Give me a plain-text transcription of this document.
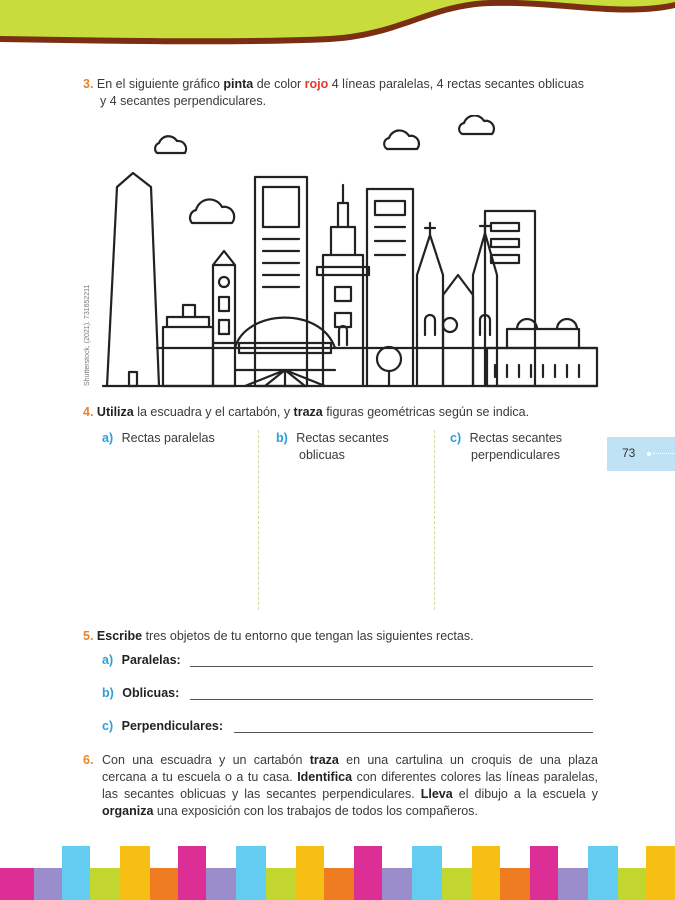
3. En el siguiente gráfico pinta de color rojo 4 líneas paralelas, 4 rectas secantes oblicuas
y 4 secantes perpendiculares.
Shutterstock, (2021). 731652211
4. Utiliza la escuadra y el cartabón, y traza figuras geométricas según se indica.
a) Rectas paralelas	b) Rectas secantes
oblicuas
c) Rectas secantes
perpendiculares	73
5. Escribe tres objetos de tu entorno que tengan las siguientes rectas.
a) Paralelas:
b) Oblicuas:
c) Perpendiculares:
6. Con una escuadra y un cartabón traza en una cartulina un croquis de una plaza
cercana a tu escuela o a tu casa. Identifica con diferentes colores las líneas paralelas,
las secantes oblicuas y las secantes perpendiculares. Lleva el dibujo a la escuela y
organiza una exposición con los trabajos de todos los compañeros.
